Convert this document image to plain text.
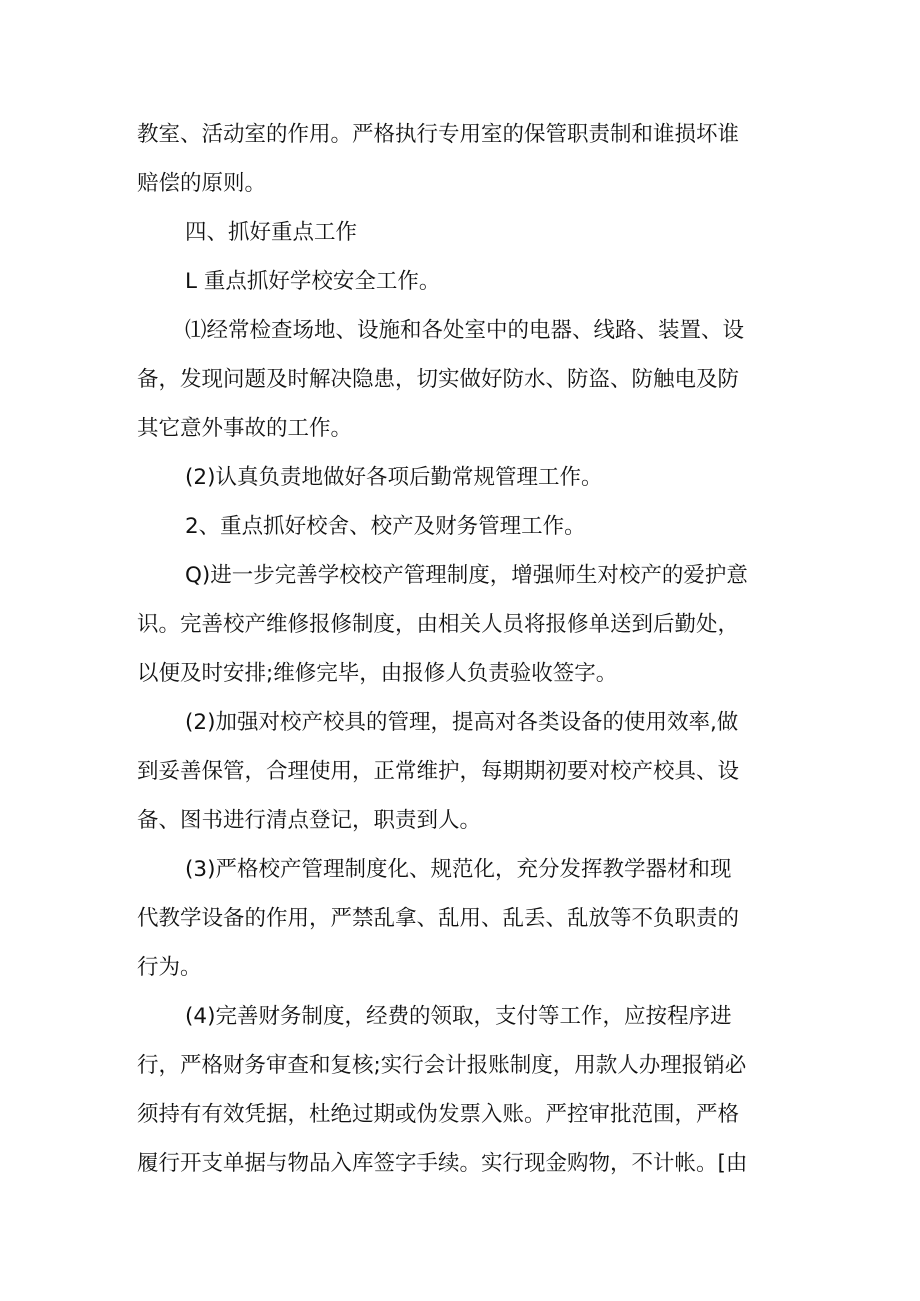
教室、活动室的作用。严格执行专用室的保管职责制和谁损坏谁
赔偿的原则。
四、抓好重点工作
L 重点抓好学校安全工作。
⑴经常检查场地、设施和各处室中的电器、线路、装置、设
备，发现问题及时解决隐患，切实做好防水、防盗、防触电及防
其它意外事故的工作。
(2)认真负责地做好各项后勤常规管理工作。
2、重点抓好校舍、校产及财务管理工作。
Q)进一步完善学校校产管理制度，增强师生对校产的爱护意
识。完善校产维修报修制度，由相关人员将报修单送到后勤处，
以便及时安排;维修完毕，由报修人负责验收签字。
(2)加强对校产校具的管理，提高对各类设备的使用效率,做
到妥善保管，合理使用，正常维护，每期期初要对校产校具、设
备、图书进行清点登记，职责到人。
(3)严格校产管理制度化、规范化，充分发挥教学器材和现
代教学设备的作用，严禁乱拿、乱用、乱丢、乱放等不负职责的
行为。
(4)完善财务制度，经费的领取，支付等工作，应按程序进
行，严格财务审查和复核;实行会计报账制度，用款人办理报销必
须持有有效凭据，杜绝过期或伪发票入账。严控审批范围，严格
履行开支单据与物品入库签字手续。实行现金购物，不计帐。[由
